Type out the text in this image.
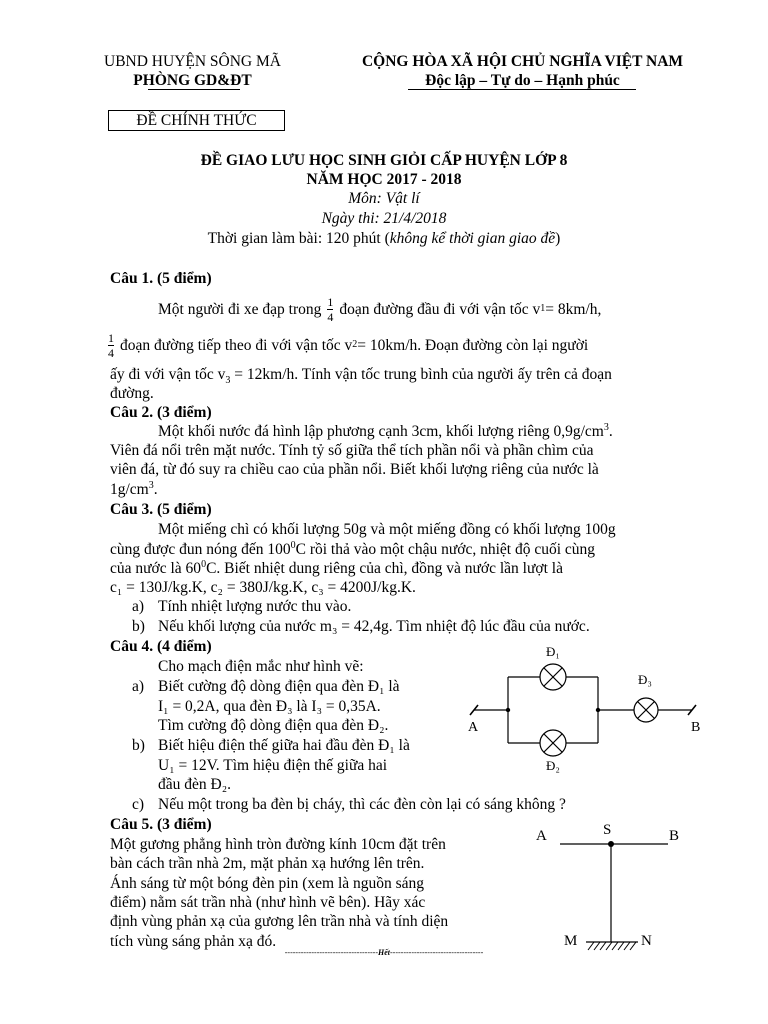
UBND HUYỆN SÔNG MÃ
PHÒNG GD&ĐT
CỘNG HÒA XÃ HỘI CHỦ NGHĨA VIỆT NAM
Độc lập – Tự do – Hạnh phúc
ĐỀ CHÍNH THỨC
ĐỀ GIAO LƯU HỌC SINH GIỎI CẤP HUYỆN LỚP 8
NĂM HỌC 2017 - 2018
Môn: Vật lí
Ngày thi: 21/4/2018
Thời gian làm bài: 120 phút (không kể thời gian giao đề)
Câu 1. (5 điểm)
Một người đi xe đạp trong $\frac{1}{4}$ đoạn đường đầu đi với vận tốc v 1 = 8km/h,
$\frac{1}{4}$ đoạn đường tiếp theo đi với vận tốc v 2 = 10km/h. Đoạn đường còn lại người
ấy đi với vận tốc $v_3 = 12km/h$. Tính vận tốc trung bình của người ấy trên cả đoạn
đường.
Câu 2. (3 điểm)
Một khối nước đá hình lập phương cạnh 3cm, khối lượng riêng $0,9g/cm^3$.
Viên đá nổi trên mặt nước. Tính tỷ số giữa thể tích phần nổi và phần chìm của
viên đá, từ đó suy ra chiều cao của phần nổi. Biết khối lượng riêng của nước là
$1g/cm^3$.
Câu 3. (5 điểm)
Một miếng chì có khối lượng 50g và một miếng đồng có khối lượng 100g
cùng được đun nóng đến $100^0C$ rồi thả vào một chậu nước, nhiệt độ cuối cùng
của nước là $60^0C$. Biết nhiệt dung riêng của chì, đồng và nước lần lượt là
c₁ = 130J/kg.K, c₂ = 380J/kg.K, c₃ = 4200J/kg.K.
a) Tính nhiệt lượng nước thu vào.
b) Nếu khối lượng của nước m₃ = 42,4g. Tìm nhiệt độ lúc đầu của nước.
Câu 4. (4 điểm)
Cho mạch điện mắc như hình vẽ:
a) Biết cường độ dòng điện qua đèn Đ₁ là
I₁ = 0,2A, qua đèn Đ₃ là I₃ = 0,35A.
Tìm cường độ dòng điện qua đèn Đ₂.
b) Biết hiệu điện thế giữa hai đầu đèn Đ₁ là
U₁ = 12V. Tìm hiệu điện thế giữa hai
đầu đèn Đ₂.
c) Nếu một trong ba đèn bị cháy, thì các đèn còn lại có sáng không ?
Đ₁
Đ₂
Đ₃
A	B
Câu 5. (3 điểm)
Một gương phẳng hình tròn đường kính 10cm đặt trên
bàn cách trần nhà 2m, mặt phản xạ hướng lên trên.
Ánh sáng từ một bóng đèn pin (xem là nguồn sáng
điểm) nằm sát trần nhà (như hình vẽ bên). Hãy xác
định vùng phản xạ của gương lên trần nhà và tính diện
tích vùng sáng phản xạ đó.
A	S	B
M	N
-----------------------------------Hết-----------------------------------
